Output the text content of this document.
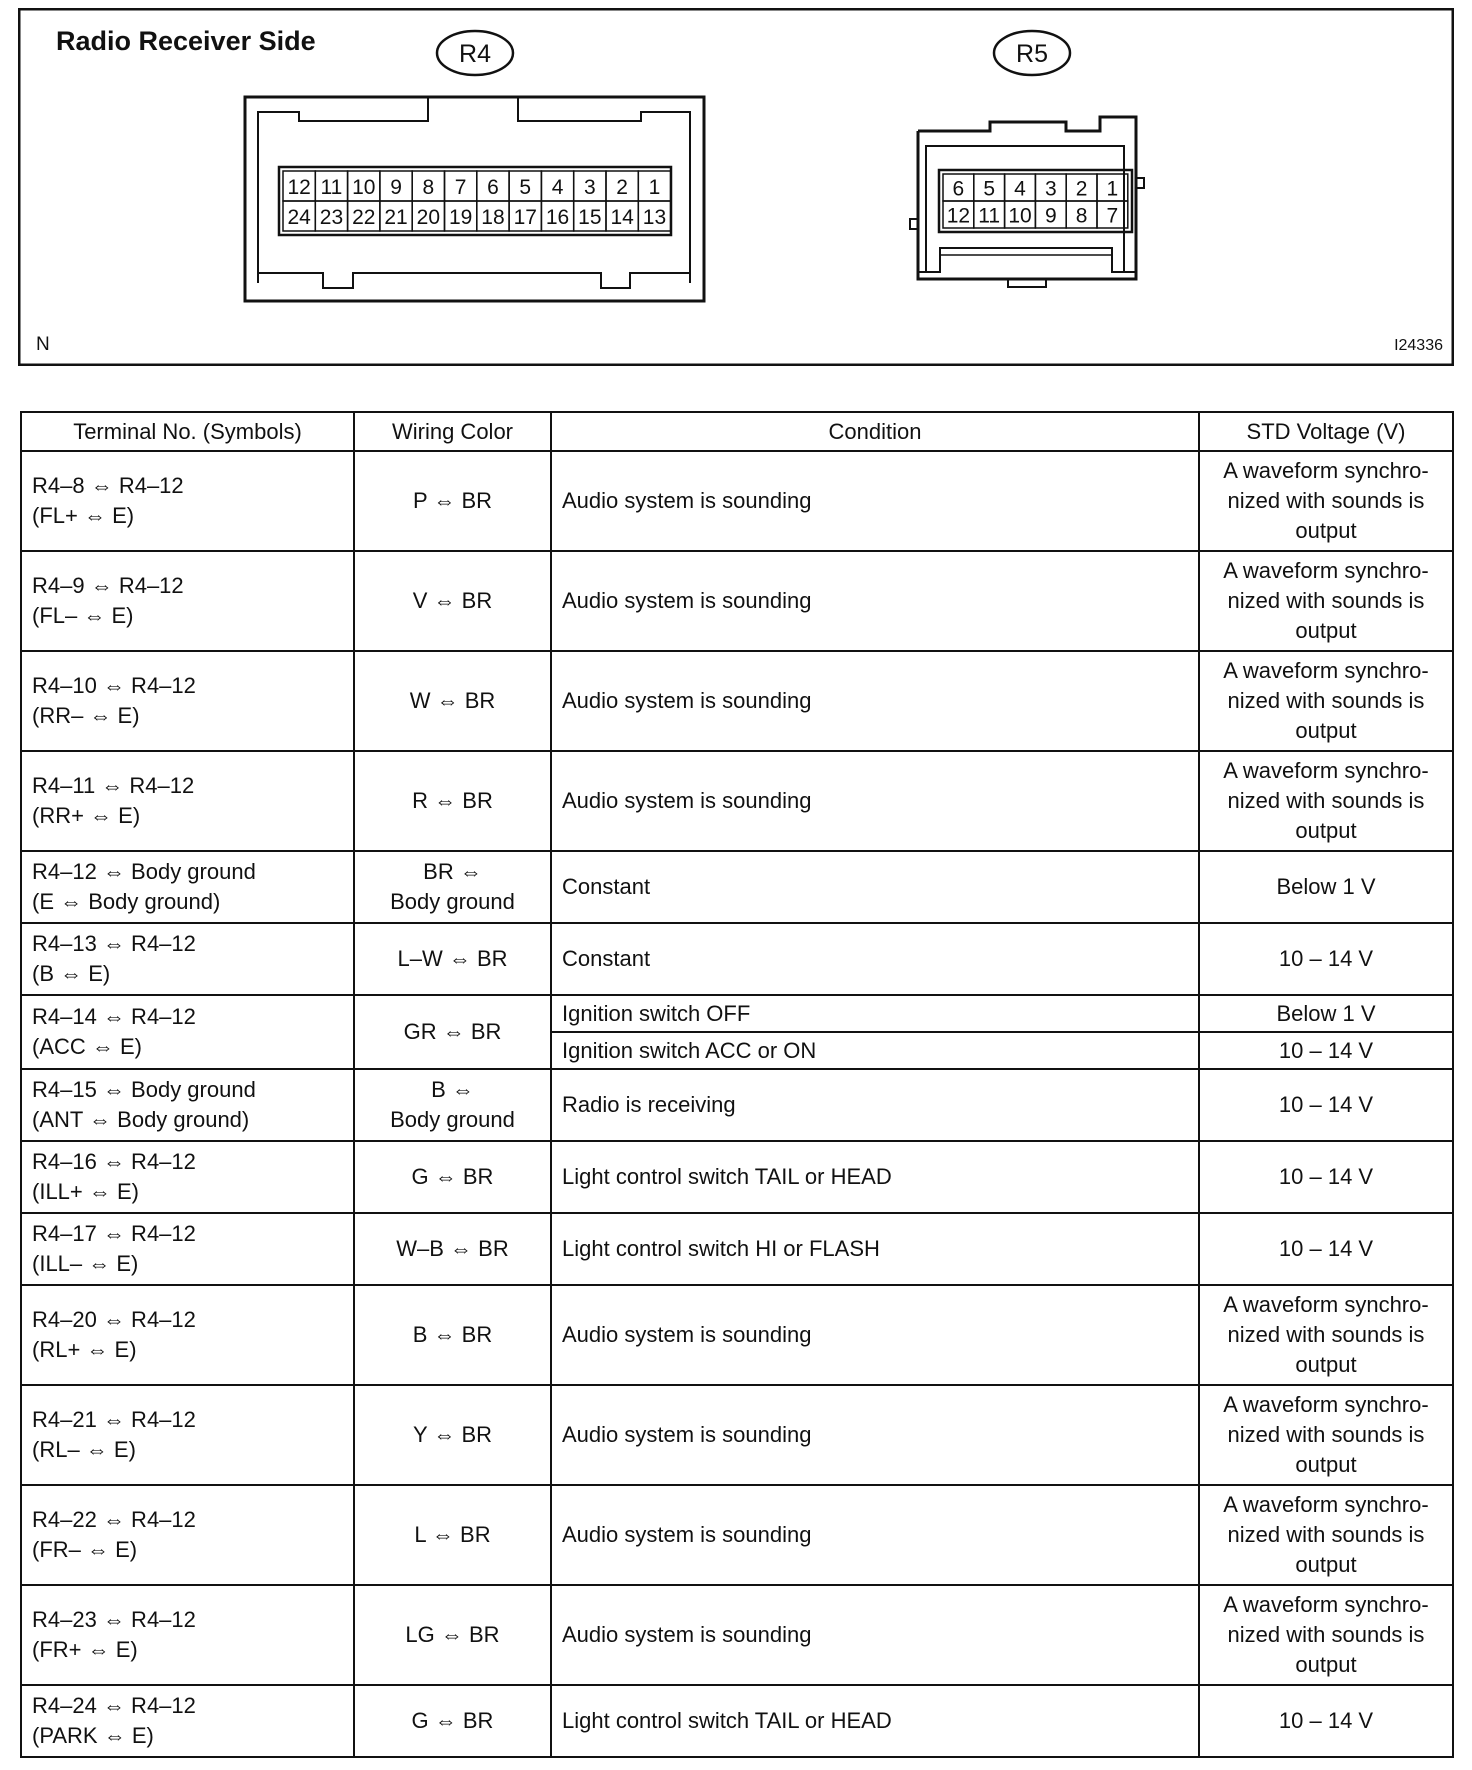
Radio Receiver Side	R4
12 11 10 9 8 7 6 5 4 3 2 1
24 23 22 21 20 19 18 17 16 15 14 13
R5
6 5 4 3 2 1
12 11 10 9 8 7
N	I24336
Terminal No. (Symbols)	Wiring Color	Condition	STD Voltage (V)

R4–8 ⇔ R4–12
(FL+ ⇔ E)	P ⇔ BR	Audio system is sounding	A waveform synchro-
nized with sounds is
output

R4–9 ⇔ R4–12
(FL– ⇔ E)	V ⇔ BR	Audio system is sounding	A waveform synchro-
nized with sounds is
output

R4–10 ⇔ R4–12
(RR– ⇔ E)	W ⇔ BR	Audio system is sounding	A waveform synchro-
nized with sounds is
output

R4–11 ⇔ R4–12
(RR+ ⇔ E)	R ⇔ BR	Audio system is sounding	A waveform synchro-
nized with sounds is
output

R4–12 ⇔ Body ground
(E ⇔ Body ground)	BR ⇔
Body ground	Constant	Below 1 V

R4–13 ⇔ R4–12
(B ⇔ E)	L–W ⇔ BR	Constant	10 – 14 V

R4–14 ⇔ R4–12
(ACC ⇔ E)	GR ⇔ BR	Ignition switch OFF	Below 1 V

		Ignition switch ACC or ON	10 – 14 V

R4–15 ⇔ Body ground
(ANT ⇔ Body ground)	B ⇔
Body ground	Radio is receiving	10 – 14 V

R4–16 ⇔ R4–12
(ILL+ ⇔ E)	G ⇔ BR	Light control switch TAIL or HEAD	10 – 14 V

R4–17 ⇔ R4–12
(ILL– ⇔ E)	W–B ⇔ BR	Light control switch HI or FLASH	10 – 14 V

R4–20 ⇔ R4–12
(RL+ ⇔ E)	B ⇔ BR	Audio system is sounding	A waveform synchro-
nized with sounds is
output

R4–21 ⇔ R4–12
(RL– ⇔ E)	Y ⇔ BR	Audio system is sounding	A waveform synchro-
nized with sounds is
output

R4–22 ⇔ R4–12
(FR– ⇔ E)	L ⇔ BR	Audio system is sounding	A waveform synchro-
nized with sounds is
output

R4–23 ⇔ R4–12
(FR+ ⇔ E)	LG ⇔ BR	Audio system is sounding	A waveform synchro-
nized with sounds is
output

R4–24 ⇔ R4–12
(PARK ⇔ E)	G ⇔ BR	Light control switch TAIL or HEAD	10 – 14 V
